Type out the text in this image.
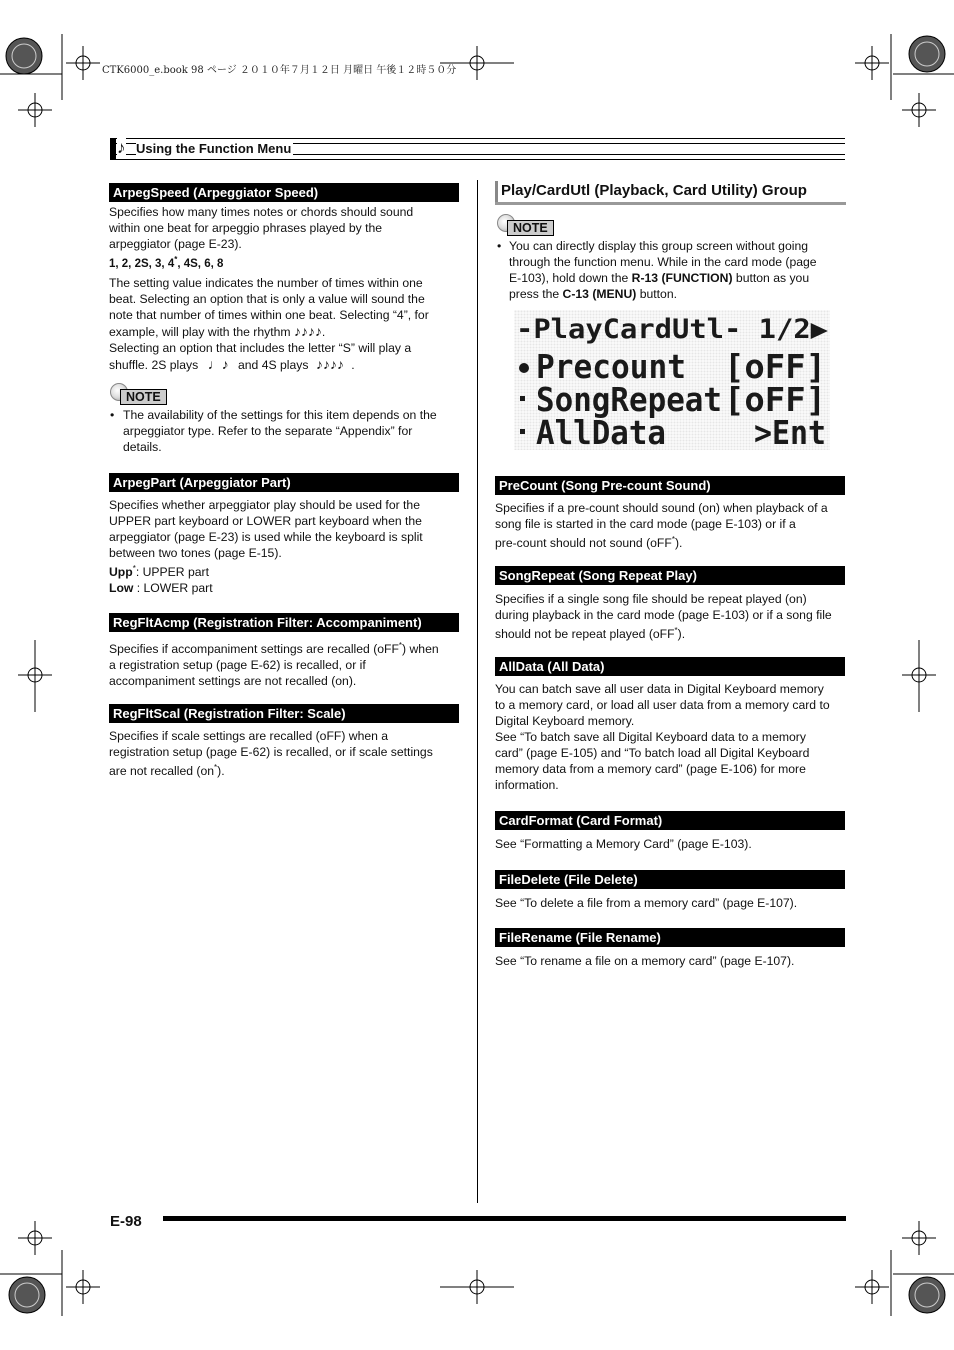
CTK6000_e.book 98 ページ ２０１０年７月１２日 月曜日 午後１２時５０分
♪ Using the Function Menu
ArpegSpeed (Arpeggiator Speed)
Specifies how many times notes or chords should sound
within one beat for arpeggio phrases played by the
arpeggiator (page E-23).
1, 2, 2S, 3, 4*, 4S, 6, 8
The setting value indicates the number of times within one
beat. Selecting an option that is only a value will sound the
note that number of times within one beat. Selecting “4”, for
example, will play with the rhythm ♪♪♪♪.
Selecting an option that includes the letter “S” will play a
shuffle. 2S plays ♩♪ and 4S plays ♪♪♪♪ .
NOTE
• The availability of the settings for this item depends on the
arpeggiator type. Refer to the separate “Appendix” for
details.
ArpegPart (Arpeggiator Part)
Specifies whether arpeggiator play should be used for the
UPPER part keyboard or LOWER part keyboard when the
arpeggiator (page E-23) is used while the keyboard is split
between two tones (page E-15).
Upp*: UPPER part
Low : LOWER part
RegFltAcmp (Registration Filter: Accompaniment)
Specifies if accompaniment settings are recalled (oFF*) when
a registration setup (page E-62) is recalled, or if
accompaniment settings are not recalled (on).
RegFltScal (Registration Filter: Scale)
Specifies if scale settings are recalled (oFF) when a
registration setup (page E-62) is recalled, or if scale settings
are not recalled (on*).
Play/CardUtl (Playback, Card Utility) Group
NOTE
• You can directly display this group screen without going
through the function menu. While in the card mode (page
E-103), hold down the R-13 (FUNCTION) button as you
press the C-13 (MENU) button.
-PlayCardUtl- 1/2▶
Precount [oFF]
SongRepeat [oFF]
AllData	>Ent
PreCount (Song Pre-count Sound)
Specifies if a pre-count should sound (on) when playback of a
song file is started in the card mode (page E-103) or if a
pre-count should not sound (oFF*).
SongRepeat (Song Repeat Play)
Specifies if a single song file should be repeat played (on)
during playback in the card mode (page E-103) or if a song file
should not be repeat played (oFF*).
AllData (All Data)
You can batch save all user data in Digital Keyboard memory
to a memory card, or load all user data from a memory card to
Digital Keyboard memory.
See “To batch save all Digital Keyboard data to a memory
card” (page E-105) and “To batch load all Digital Keyboard
memory data from a memory card” (page E-106) for more
information.
CardFormat (Card Format)
See “Formatting a Memory Card” (page E-103).
FileDelete (File Delete)
See “To delete a file from a memory card” (page E-107).
FileRename (File Rename)
See “To rename a file on a memory card” (page E-107).
E-98
